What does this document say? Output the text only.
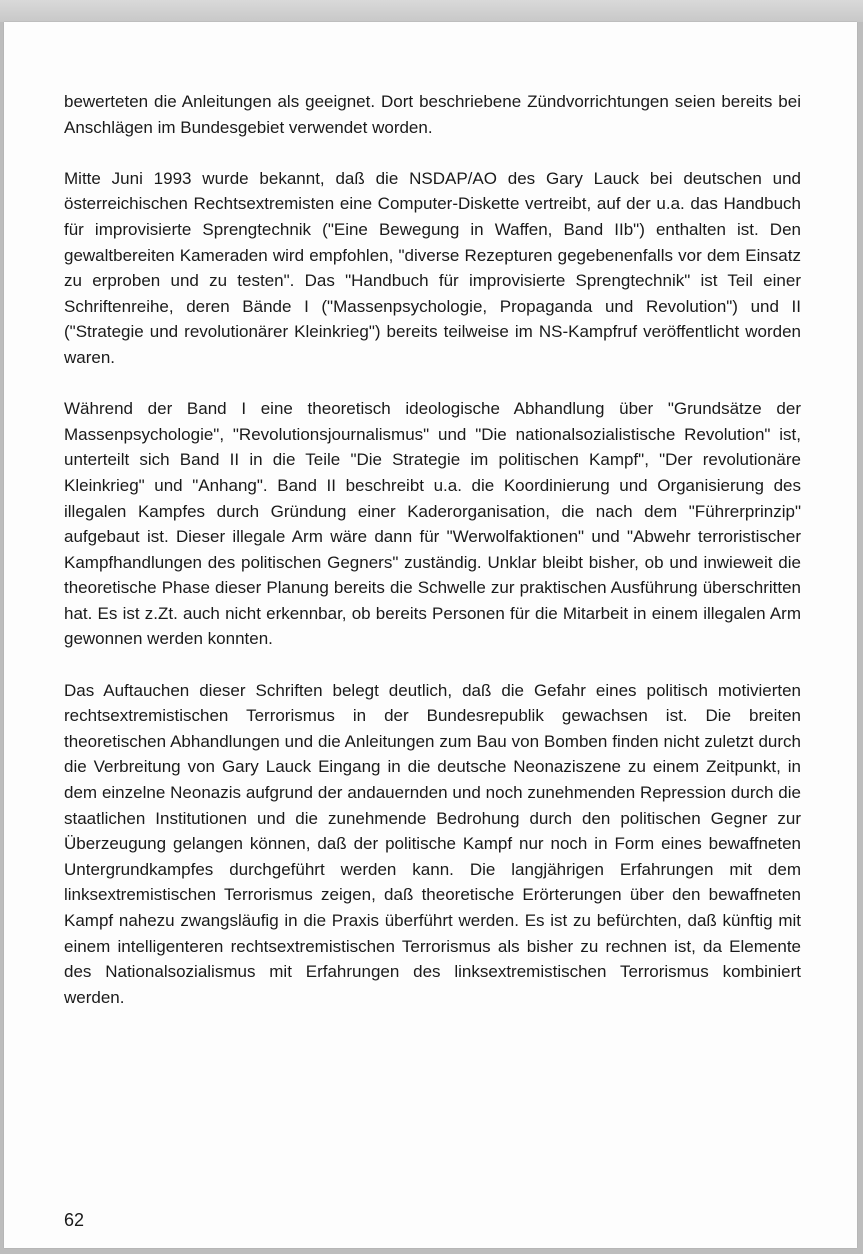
bewerteten die Anleitungen als geeignet. Dort beschriebene Zündvorrichtungen seien bereits bei Anschlägen im Bundesgebiet verwendet worden.

Mitte Juni 1993 wurde bekannt, daß die NSDAP/AO des Gary Lauck bei deutschen und österreichischen Rechtsextremisten eine Computer-Diskette vertreibt, auf der u.a. das Handbuch für improvisierte Sprengtechnik ("Eine Bewegung in Waffen, Band IIb") enthalten ist. Den gewaltbereiten Kameraden wird empfohlen, "diverse Rezepturen gegebenenfalls vor dem Einsatz zu erproben und zu testen". Das "Handbuch für improvisierte Sprengtechnik" ist Teil einer Schriftenreihe, deren Bände I ("Massenpsychologie, Propaganda und Revolution") und II ("Strategie und revolutionärer Kleinkrieg") bereits teilweise im NS-Kampfruf veröffentlicht worden waren.

Während der Band I eine theoretisch ideologische Abhandlung über "Grundsätze der Massenpsychologie", "Revolutionsjournalismus" und "Die nationalsozialistische Revolution" ist, unterteilt sich Band II in die Teile "Die Strategie im politischen Kampf", "Der revolutionäre Kleinkrieg" und "Anhang". Band II beschreibt u.a. die Koordinierung und Organisierung des illegalen Kampfes durch Gründung einer Kaderorganisation, die nach dem "Führerprinzip" aufgebaut ist. Dieser illegale Arm wäre dann für "Werwolfaktionen" und "Abwehr terroristischer Kampfhandlungen des politischen Gegners" zuständig. Unklar bleibt bisher, ob und inwieweit die theoretische Phase dieser Planung bereits die Schwelle zur praktischen Ausführung überschritten hat. Es ist z.Zt. auch nicht erkennbar, ob bereits Personen für die Mitarbeit in einem illegalen Arm gewonnen werden konnten.

Das Auftauchen dieser Schriften belegt deutlich, daß die Gefahr eines politisch motivierten rechtsextremistischen Terrorismus in der Bundesrepublik gewachsen ist. Die breiten theoretischen Abhandlungen und die Anleitungen zum Bau von Bomben finden nicht zuletzt durch die Verbreitung von Gary Lauck Eingang in die deutsche Neonaziszene zu einem Zeitpunkt, in dem einzelne Neonazis aufgrund der andauernden und noch zunehmenden Repression durch die staatlichen Institutionen und die zunehmende Bedrohung durch den politischen Gegner zur Überzeugung gelangen können, daß der politische Kampf nur noch in Form eines bewaffneten Untergrundkampfes durchgeführt werden kann. Die langjährigen Erfahrungen mit dem linksextremistischen Terrorismus zeigen, daß theoretische Erörterungen über den bewaffneten Kampf nahezu zwangsläufig in die Praxis überführt werden. Es ist zu befürchten, daß künftig mit einem intelligenteren rechtsextremistischen Terrorismus als bisher zu rechnen ist, da Elemente des Nationalsozialismus mit Erfahrungen des linksextremistischen Terrorismus kombiniert werden.

62
